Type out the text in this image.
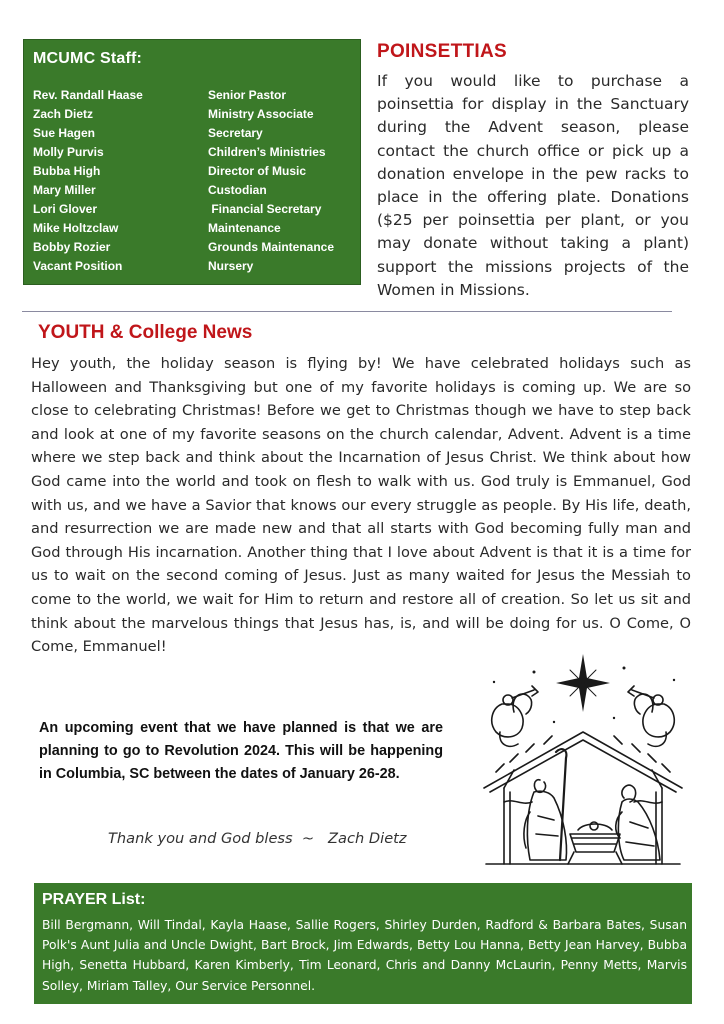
MCUMC Staff:
Rev. Randall Haase	Senior Pastor
Zach Dietz	Ministry Associate
Sue Hagen	Secretary
Molly Purvis	Children’s Ministries
Bubba High	Director of Music
Mary Miller	Custodian
Lori Glover	Financial Secretary
Mike Holtzclaw	Maintenance
Bobby Rozier	Grounds Maintenance
Vacant Position	Nursery
POINSETTIAS
If you would like to purchase a poinsettia for display in the Sanctuary during the Advent season, please contact the church office or pick up a donation envelope in the pew racks to place in the offering plate. Donations ($25 per poinsettia per plant, or you may donate without taking a plant) support the missions projects of the Women in Missions.
YOUTH & College News
Hey youth, the holiday season is flying by! We have celebrated holidays such as Halloween and Thanksgiving but one of my favorite holidays is coming up. We are so close to celebrating Christmas! Before we get to Christmas though we have to step back and look at one of my favorite seasons on the church calendar, Advent. Advent is a time where we step back and think about the Incarnation of Jesus Christ. We think about how God came into the world and took on flesh to walk with us. God truly is Emmanuel, God with us, and we have a Savior that knows our every struggle as people. By His life, death, and resurrection we are made new and that all starts with God becoming fully man and God through His incarnation. Another thing that I love about Advent is that it is a time for us to wait on the second coming of Jesus. Just as many waited for Jesus the Messiah to come to the world, we wait for Him to return and restore all of creation. So let us sit and think about the marvelous things that Jesus has, is, and will be doing for us. O Come, O Come, Emmanuel!
An upcoming event that we have planned is that we are planning to go to Revolution 2024. This will be happening in Columbia, SC between the dates of January 26-28.
Thank you and God bless  ~   Zach Dietz
PRAYER List:
Bill Bergmann, Will Tindal, Kayla Haase, Sallie Rogers, Shirley Durden, Radford & Barbara Bates, Susan Polk's Aunt Julia and Uncle Dwight, Bart Brock, Jim Edwards, Betty Lou Hanna, Betty Jean Harvey, Bubba High, Senetta Hubbard, Karen Kimberly, Tim Leonard, Chris and Danny McLaurin, Penny Metts, Marvis Solley, Miriam Talley, Our Service Personnel.
